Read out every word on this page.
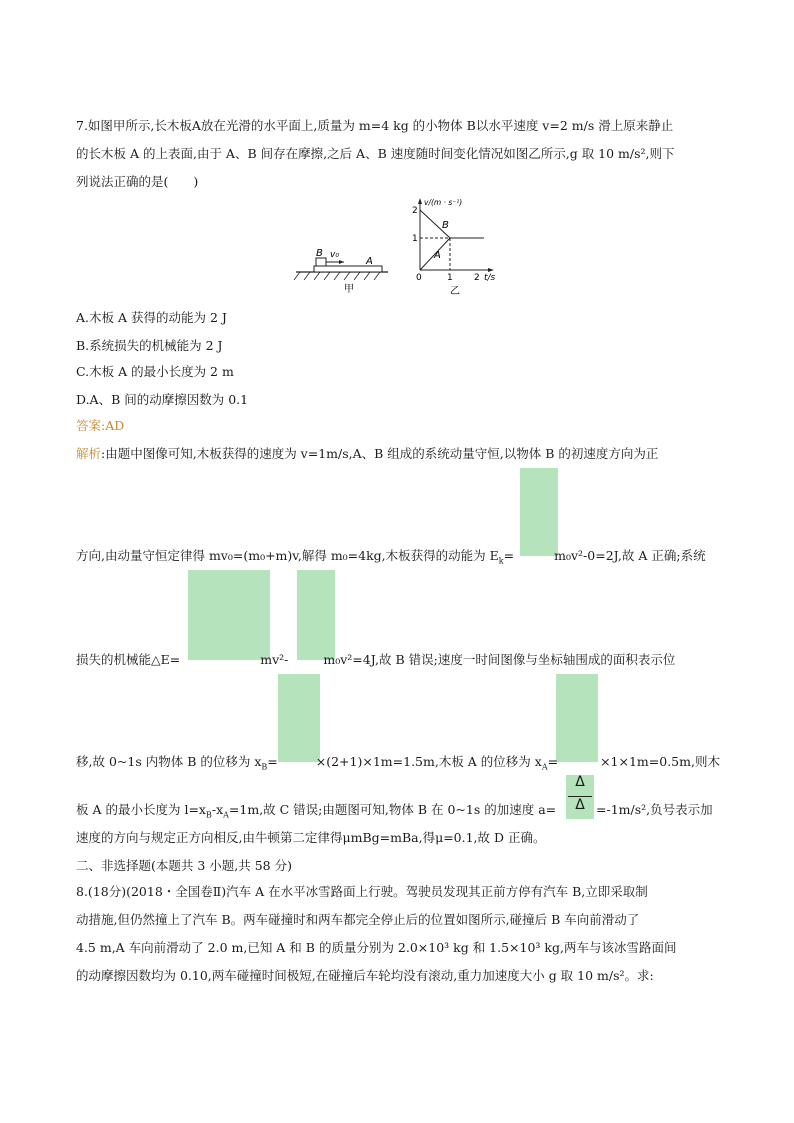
7.如图甲所示,长木板A放在光滑的水平面上,质量为 m=4 kg 的小物体 B以水平速度 v=2 m/s 滑上原来静止
的长木板 A 的上表面,由于 A、B 间存在摩擦,之后 A、B 速度随时间变化情况如图乙所示,g 取 10 m/s²,则下
列说法正确的是(　　)
B v₀
A
甲
v/(m · s⁻¹)
2
1
0	1 2 t/s
B
A
乙
A.木板 A 获得的动能为 2 J
B.系统损失的机械能为 2 J
C.木板 A 的最小长度为 2 m
D.A、B 间的动摩擦因数为 0.1
答案:AD
解析:由题中图像可知,木板获得的速度为 v=1m/s,A、B 组成的系统动量守恒,以物体 B 的初速度方向为正
方向,由动量守恒定律得 mv₀=(m₀+m)v,解得 m₀=4kg,木板获得的动能为 $E_k=$	m₀v²-0=2J,故 A 正确;系统
损失的机械能△E=	mv²-	m₀v²=4J,故 B 错误;速度一时间图像与坐标轴围成的面积表示位
移,故 0~1s 内物体 B 的位移为 $x_B=$	×(2+1)×1m=1.5m,木板 A 的位移为 $x_A=$	×1×1m=0.5m,则木
Δ
Δ
板 A 的最小长度为 $l=x_B-x_A=1m$,故 C 错误;由题图可知,物体 B 在 0~1s 的加速度 a=	=-1m/s²,负号表示加
速度的方向与规定正方向相反,由牛顿第二定律得μmBg=mBa,得μ=0.1,故 D 正确。
二、非选择题(本题共 3 小题,共 58 分)
8.(18分)(2018・全国卷Ⅱ)汽车 A 在水平冰雪路面上行驶。驾驶员发现其正前方停有汽车 B,立即采取制
动措施,但仍然撞上了汽车 B。两车碰撞时和两车都完全停止后的位置如图所示,碰撞后 B 车向前滑动了
4.5 m,A 车向前滑动了 2.0 m,已知 A 和 B 的质量分别为 2.0×10³ kg 和 1.5×10³ kg,两车与该冰雪路面间
的动摩擦因数均为 0.10,两车碰撞时间极短,在碰撞后车轮均没有滚动,重力加速度大小 g 取 10 m/s²。求:
